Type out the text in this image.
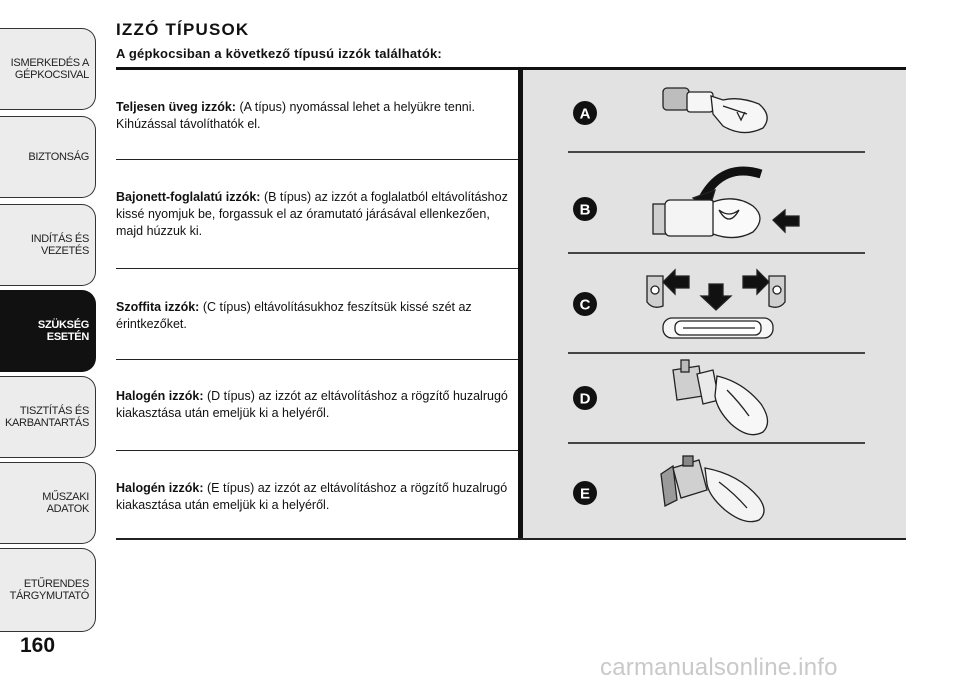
ISMERKEDÉS A GÉPKOCSIVAL
BIZTONSÁG
INDÍTÁS ÉS VEZETÉS
SZÜKSÉG ESETÉN
TISZTÍTÁS ÉS KARBANTARTÁS
MŰSZAKI ADATOK
ETŰRENDES TÁRGYMUTATÓ
160
IZZÓ TÍPUSOK
A gépkocsiban a következő típusú izzók találhatók:
Teljesen üveg izzók: (A típus) nyomással lehet a helyükre tenni. Kihúzással távolíthatók el.
Bajonett-foglalatú izzók: (B típus) az izzót a foglalatból eltávolításhoz kissé nyomjuk be, forgassuk el az óramutató járásával ellenkezően, majd húzzuk ki.
Szoffita izzók: (C típus) eltávolításukhoz feszítsük kissé szét az érintkezőket.
Halogén izzók: (D típus) az izzót az eltávolításhoz a rögzítő huzalrugó kiakasztása után emeljük ki a helyéről.
Halogén izzók: (E típus) az izzót az eltávolításhoz a rögzítő huzalrugó kiakasztása után emeljük ki a helyéről.
A
B
C
D
E
carmanualsonline.info
